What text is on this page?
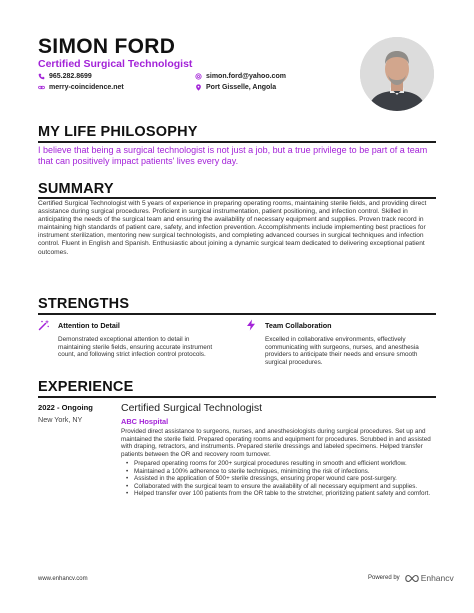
SIMON FORD
Certified Surgical Technologist
965.282.8699	simon.ford@yahoo.com
merry-coincidence.net	Port Gisselle, Angola
MY LIFE PHILOSOPHY
I believe that being a surgical technologist is not just a job, but a true privilege to be part of a team that can positively impact patients' lives every day.
SUMMARY
Certified Surgical Technologist with 5 years of experience in preparing operating rooms, maintaining sterile fields, and providing direct assistance during surgical procedures. Proficient in surgical instrumentation, patient positioning, and infection control. Skilled in anticipating the needs of the surgical team and ensuring the availability of necessary equipment and supplies. Proven track record in maintaining high standards of patient care, safety, and infection prevention. Accomplishments include implementing best practices for instrument sterilization, mentoring new surgical technologists, and completing advanced courses in surgical techniques and infection control. Fluent in English and Spanish. Enthusiastic about joining a dynamic surgical team dedicated to delivering exceptional patient outcomes.
STRENGTHS
Attention to Detail
Demonstrated exceptional attention to detail in maintaining sterile fields, ensuring accurate instrument count, and following strict infection control protocols.
Team Collaboration
Excelled in collaborative environments, effectively communicating with surgeons, nurses, and anesthesia providers to anticipate their needs and ensure smooth surgical procedures.
EXPERIENCE
2022 - Ongoing
New York, NY
Certified Surgical Technologist
ABC Hospital
Provided direct assistance to surgeons, nurses, and anesthesiologists during surgical procedures. Set up and maintained the sterile field. Prepared operating rooms and equipment for procedures. Scrubbed in and assisted with draping, retractors, and instruments. Prepared sterile dressings and labeled specimens. Helped transfer patients between the OR and recovery room turnover.
• Prepared operating rooms for 200+ surgical procedures resulting in smooth and efficient workflow.
• Maintained a 100% adherence to sterile techniques, minimizing the risk of infections.
• Assisted in the application of 500+ sterile dressings, ensuring proper wound care post-surgery.
• Collaborated with the surgical team to ensure the availability of all necessary equipment and supplies.
• Helped transfer over 100 patients from the OR table to the stretcher, prioritizing patient safety and comfort.
www.enhancv.com	Powered by Enhancv
